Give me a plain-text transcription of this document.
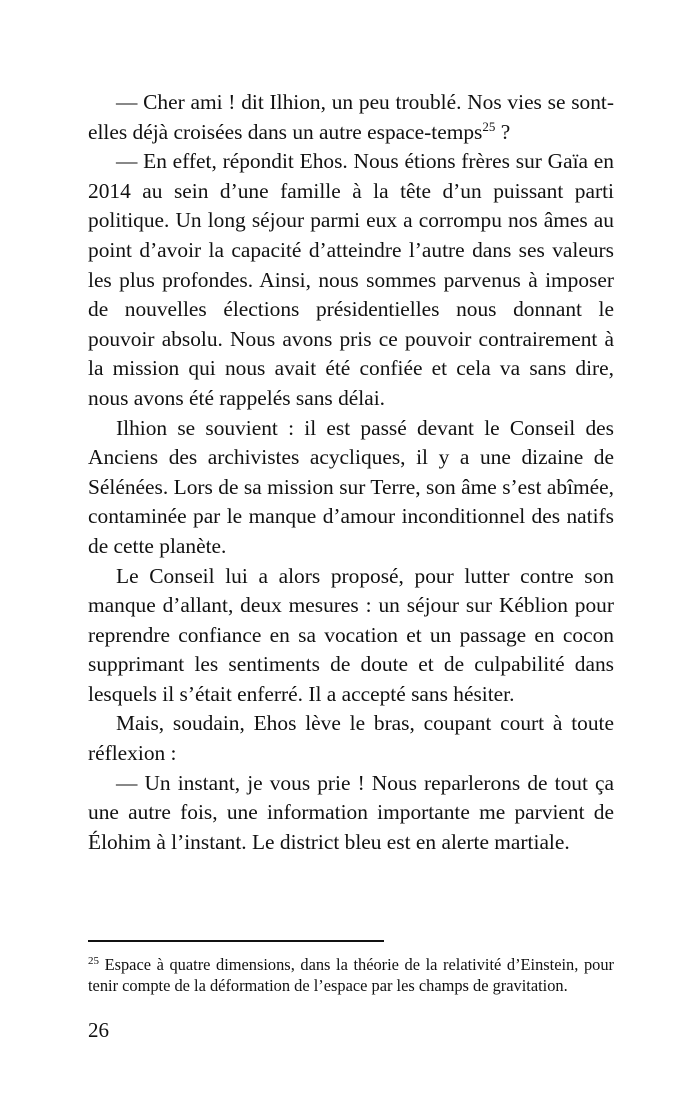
— Cher ami ! dit Ilhion, un peu troublé. Nos vies se sont-elles déjà croisées dans un autre espace-temps$^{25}$ ?

— En effet, répondit Ehos. Nous étions frères sur Gaïa en 2014 au sein d’une famille à la tête d’un puissant parti politique. Un long séjour parmi eux a corrompu nos âmes au point d’avoir la capacité d’atteindre l’autre dans ses valeurs les plus profondes. Ainsi, nous sommes parvenus à imposer de nouvelles élections présidentielles nous donnant le pouvoir absolu. Nous avons pris ce pouvoir contrairement à la mission qui nous avait été confiée et cela va sans dire, nous avons été rappelés sans délai.

Ilhion se souvient : il est passé devant le Conseil des Anciens des archivistes acycliques, il y a une dizaine de Sélénées. Lors de sa mission sur Terre, son âme s’est abîmée, contaminée par le manque d’amour inconditionnel des natifs de cette planète.

Le Conseil lui a alors proposé, pour lutter contre son manque d’allant, deux mesures : un séjour sur Kéblion pour reprendre confiance en sa vocation et un passage en cocon supprimant les sentiments de doute et de culpabilité dans lesquels il s’était enferré. Il a accepté sans hésiter.

Mais, soudain, Ehos lève le bras, coupant court à toute réflexion :

— Un instant, je vous prie ! Nous reparlerons de tout ça une autre fois, une information importante me parvient de Élohim à l’instant. Le district bleu est en alerte martiale.

$^{25}$ Espace à quatre dimensions, dans la théorie de la relativité d’Einstein, pour tenir compte de la déformation de l’espace par les champs de gravitation.

26
